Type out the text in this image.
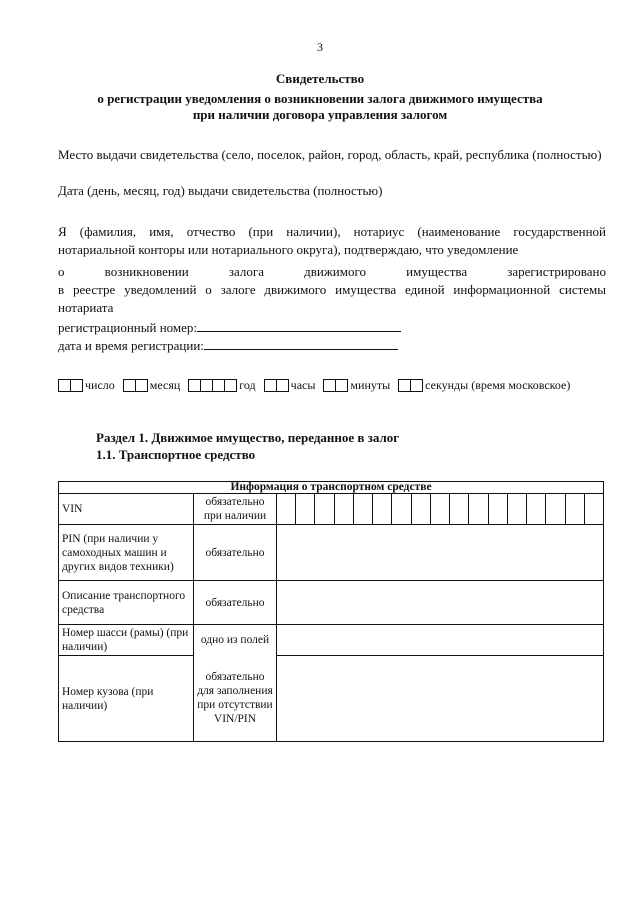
3
Свидетельство
о регистрации уведомления о возникновении залога движимого имущества
при наличии договора управления залогом
Место выдачи свидетельства (село, поселок, район, город, область, край, республика (полностью)
Дата (день, месяц, год) выдачи свидетельства (полностью)
Я (фамилия, имя, отчество (при наличии), нотариус (наименование государственной нотариальной конторы или нотариального округа), подтверждаю, что уведомление
о возникновении залога движимого имущества зарегистрировано
в реестре уведомлений о залоге движимого имущества единой информационной системы нотариата
регистрационный номер:
дата и время регистрации:
число	месяц	год	часы	минуты	секунды (время московское)
Раздел 1. Движимое имущество, переданное в залог
1.1. Транспортное средство
Информация о транспортном средстве																		
VIN	обязательно при наличии																	
PIN (при наличии у самоходных машин и других видов техники)	обязательно																	
Описание транспортного средства	обязательно																	
Номер шасси (рамы) (при наличии)	одно из полей																	
Номер кузова (при наличии)	обязательно для заполнения при отсутствии VIN/PIN																	
